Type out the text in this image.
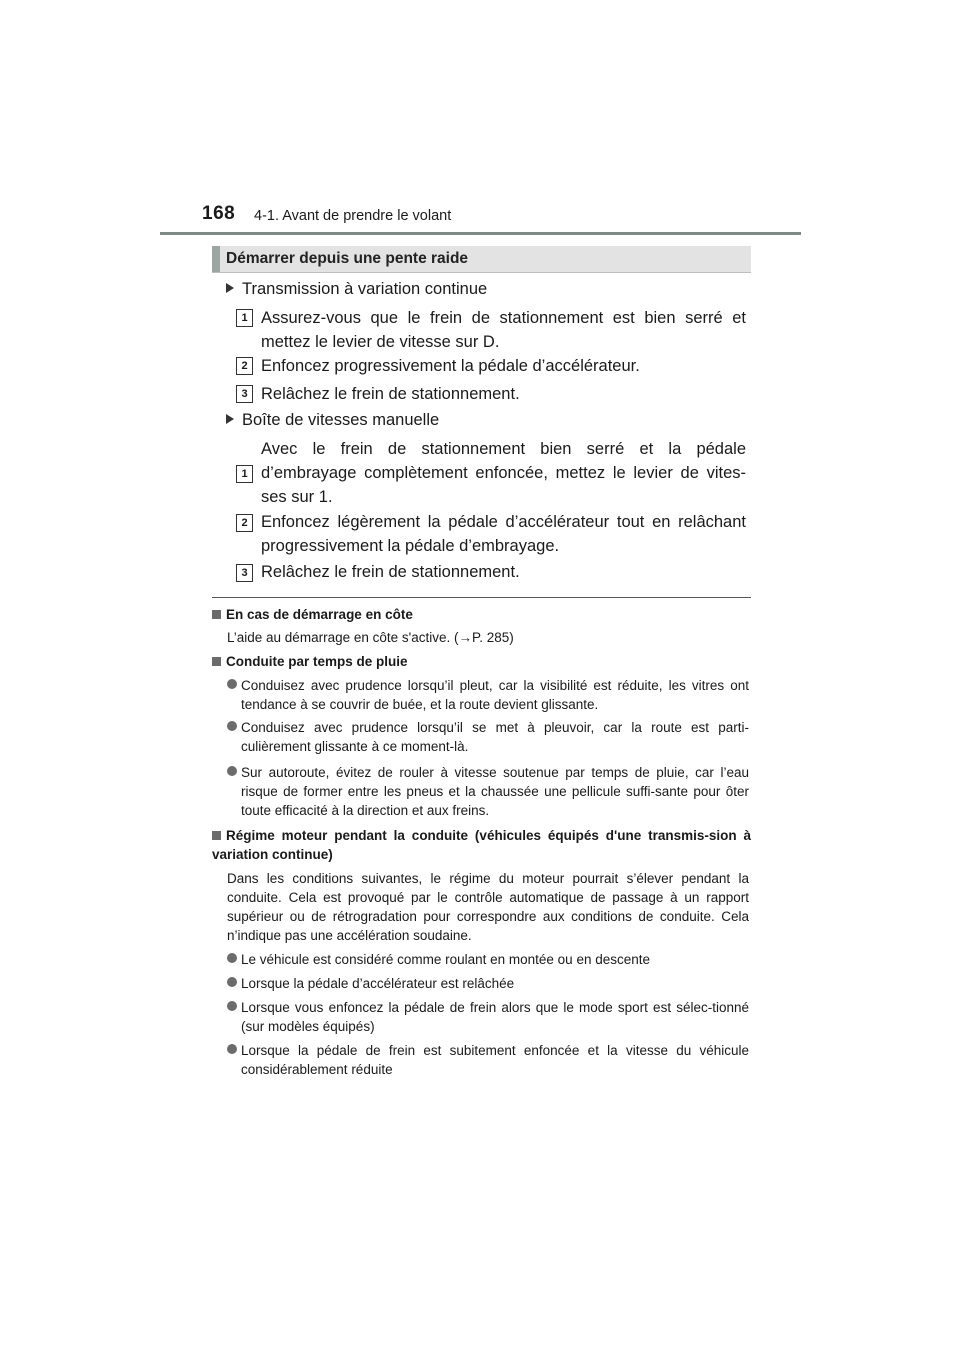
168 4-1. Avant de prendre le volant
Démarrer depuis une pente raide
Transmission à variation continue
1 Assurez-vous que le frein de stationnement est bien serré et mettez le levier de vitesse sur D.
2 Enfoncez progressivement la pédale d’accélérateur.
3 Relâchez le frein de stationnement.
Boîte de vitesses manuelle
1
Avec le frein de stationnement bien serré et la pédale d’embrayage complètement enfoncée, mettez le levier de vites-ses sur 1.
2 Enfoncez légèrement la pédale d’accélérateur tout en relâchant progressivement la pédale d’embrayage.
3 Relâchez le frein de stationnement.
En cas de démarrage en côte
L’aide au démarrage en côte s'active. (→P. 285)
Conduite par temps de pluie
Conduisez avec prudence lorsqu’il pleut, car la visibilité est réduite, les vitres ont tendance à se couvrir de buée, et la route devient glissante.
Conduisez avec prudence lorsqu’il se met à pleuvoir, car la route est parti-culièrement glissante à ce moment-là.
Sur autoroute, évitez de rouler à vitesse soutenue par temps de pluie, car l’eau risque de former entre les pneus et la chaussée une pellicule suffi-sante pour ôter toute efficacité à la direction et aux freins.
Régime moteur pendant la conduite (véhicules équipés d'une transmis-sion à variation continue)
Dans les conditions suivantes, le régime du moteur pourrait s’élever pendant la conduite. Cela est provoqué par le contrôle automatique de passage à un rapport supérieur ou de rétrogradation pour correspondre aux conditions de conduite. Cela n’indique pas une accélération soudaine.
Le véhicule est considéré comme roulant en montée ou en descente
Lorsque la pédale d’accélérateur est relâchée
Lorsque vous enfoncez la pédale de frein alors que le mode sport est sélec-tionné (sur modèles équipés)
Lorsque la pédale de frein est subitement enfoncée et la vitesse du véhicule considérablement réduite
